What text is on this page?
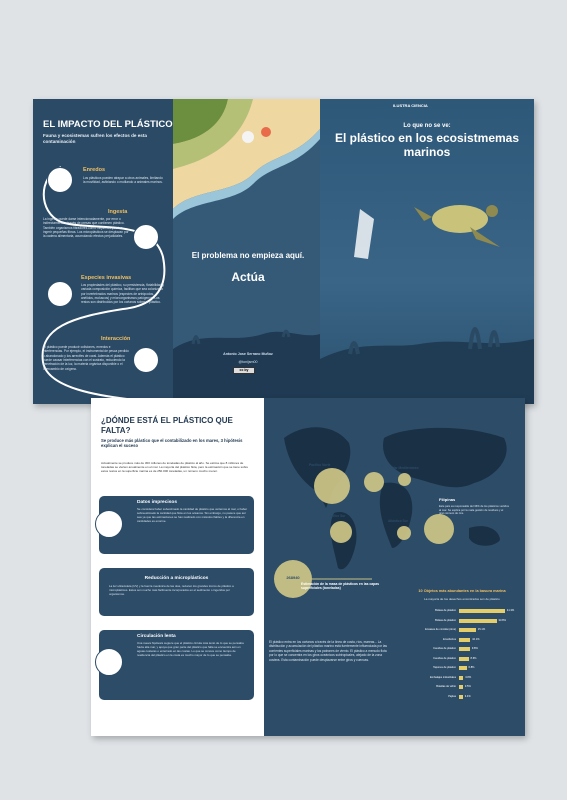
EL IMPACTO DEL PLÁSTICO
Fauna y ecosistemas sufren los efectos de esta contaminación
Enredos
Los plásticos pueden atrapar a otros animales, limitando la movilidad, asfixiando o mutilando a animales marinos.
Ingesta
La ingesta puede darse intencionadamente, por error o indirectamente a través de presas que contienen plástico. También organismos filtradores como mejillones pueden ingerir pequeñas fibras. Los microplásticos se desplazan por la cadena alimentaria, acumulando efectos perjudiciales.
Especies invasivas
Los propiedades del plástico, su persistencia, flotabilidad y variada composición química, facilitan que sea colonizado por invertebrados marinos (especies de artrópodos, anélidos, moluscos) y microorganismos patógenos. Los restos son distribuidos por los océanos sobre el plástico.
Interacción
El plástico puede producir colisiones, enredos e interferencias. Por ejemplo, el instrumental de pesca perdido o abandonado y los arrecifes de coral. Además el plástico puede causar interferencias con el sustrato, reduciendo la penetración de la luz, la materia orgánica disponible o el intercambio de oxígeno.
El problema no empieza aquí.
Actúa
Antonio Jose Serrano Muñoz
@tonijsm00
cc by
ILUSTRA CIENCIA
Lo que no se ve:
El plástico en los ecosistmemas marinos
¿DÓNDE ESTÁ EL PLÁSTICO QUE FALTA?
Se produce más plástico que el contabilizado en los mares, 3 hipótesis explican el suceso
Actualmente se produce más de 300 millones de toneladas de plástico al año. Se estima que 8 millones de toneladas se vierten anualmente en el mar. La mayoría del plástico flota, pero la estimación que se tiene sobre estos restos en la superficie marina es de 250.000 toneladas, un número mucho menor.
Datos imprecisos
Se considera haber subestimado la cantidad de plástico que vertemos al mar, o haber sobreestimado la cantidad que flota en los océanos. Sin embargo, no parece que así sea ya que las estimaciones se han realizado con métodos fiables y la diferencia en cantidades es enorme.
Reducción a microplásticos
La luz ultravioleta (UV) y la fuerza mecánica de las olas, reducen los grandes trozos de plástico a microplásticos. Estos son mucho más fácilmente incorporados en el sedimento o ingeridos por organismos.
Circulación lenta
Una nueva hipótesis sugiere que el plástico circula más lento de lo que se pensaba hacia alta mar, y apoya que gran parte del plástico que falta se encuentra aún en aguas costeras o enterrado en las costas. Lo que se conoce como tiempo de residencia del plástico en la costa es mucho mayor de lo que se pensaba.
Pacífico Norte	Atlántico Norte	Mar Mediterráneo
Pacífico Sur
Atlántico Sur
Océano Índico
268940
Filipinas
Este país es responsable del 36% de los plásticos vertidos al mar. Se explica por la mala gestión de residuos y el gran número de ríos.
Estimación de la masa de plásticos en las capas superficiales (toneladas)
El plástico entra en los océanos a través de la línea de costa, ríos, mareas... La distribución y acumulación del plástico marino está fuertemente influenciada por las corrientes superficiales marinas y los patrones de viento. El plástico a menudo flota por lo que se concentra en los giros oceánicos subtropicales, alejado de la zona costera. Esta contaminación puede desplazarse entre giros y cuencas.
10 Objetos más abundantes en la basura marina
La mayoría de los desechos encontrados son de plástico
Bolsas de plástico	41.3%
Bolsas de plástico	33.8%
Envases de comida (otros)	15.1%
Envoltorios	10.1%
Cuerdas de plástico	9.8%
Cuerdas de plástico	8.6%
Tapones de plástico	6.8%
Embalajes industriales	3.8%
Botellas de vidrio	3.5%
Pajitas	3.4%
